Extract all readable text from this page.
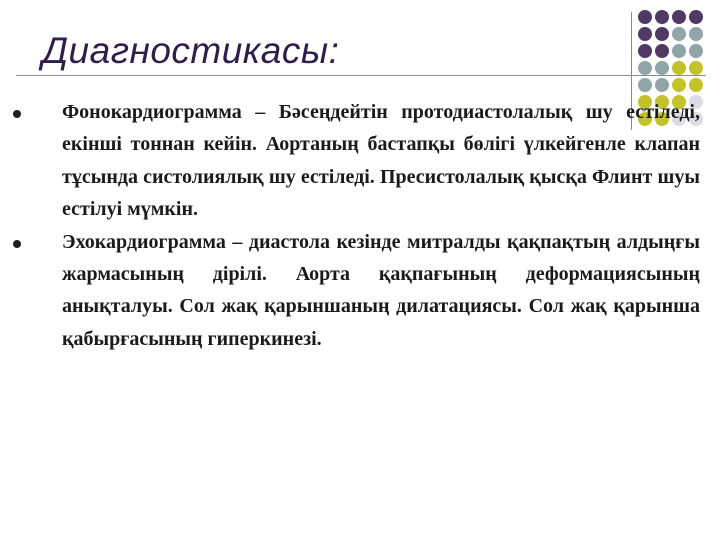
Диагностикасы:

Фонокардиограмма – Бәсеңдейтін протодиастолалық шу естіледі, екінші тоннан кейін. Аортаның бастапқы бөлігі үлкейгенле клапан тұсында систолиялық шу естіледі. Пресистолалық қысқа Флинт шуы естілуі мүмкін.

Эхокардиограмма – диастола кезінде митралды қақпақтың алдыңғы жармасының дірілі. Аорта қақпағының деформациясының анықталуы. Сол жақ қарыншаның дилатациясы. Сол жақ қарынша қабырғасының гиперкинезі.
